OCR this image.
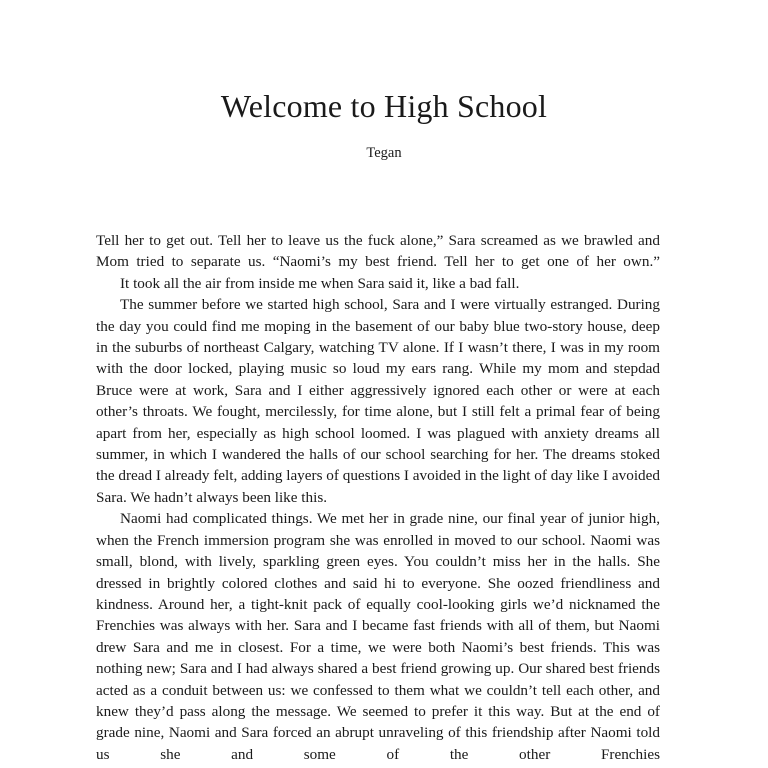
Welcome to High School
Tegan

Tell her to get out. Tell her to leave us the fuck alone,” Sara screamed as we brawled and Mom tried to separate us. “Naomi’s my best friend. Tell her to get one of her own.”

It took all the air from inside me when Sara said it, like a bad fall.

The summer before we started high school, Sara and I were virtually estranged. During the day you could find me moping in the basement of our baby blue two-story house, deep in the suburbs of northeast Calgary, watching TV alone. If I wasn’t there, I was in my room with the door locked, playing music so loud my ears rang. While my mom and stepdad Bruce were at work, Sara and I either aggressively ignored each other or were at each other’s throats. We fought, mercilessly, for time alone, but I still felt a primal fear of being apart from her, especially as high school loomed. I was plagued with anxiety dreams all summer, in which I wandered the halls of our school searching for her. The dreams stoked the dread I already felt, adding layers of questions I avoided in the light of day like I avoided Sara. We hadn’t always been like this.

Naomi had complicated things. We met her in grade nine, our final year of junior high, when the French immersion program she was enrolled in moved to our school. Naomi was small, blond, with lively, sparkling green eyes. You couldn’t miss her in the halls. She dressed in brightly colored clothes and said hi to everyone. She oozed friendliness and kindness. Around her, a tight-knit pack of equally cool-looking girls we’d nicknamed the Frenchies was always with her. Sara and I became fast friends with all of them, but Naomi drew Sara and me in closest. For a time, we were both Naomi’s best friends. This was nothing new; Sara and I had always shared a best friend growing up. Our shared best friends acted as a conduit between us: we confessed to them what we couldn’t tell each other, and knew they’d pass along the message. We seemed to prefer it this way. But at the end of grade nine, Naomi and Sara forced an abrupt unraveling of this friendship after Naomi told us she and some of the other Frenchies
